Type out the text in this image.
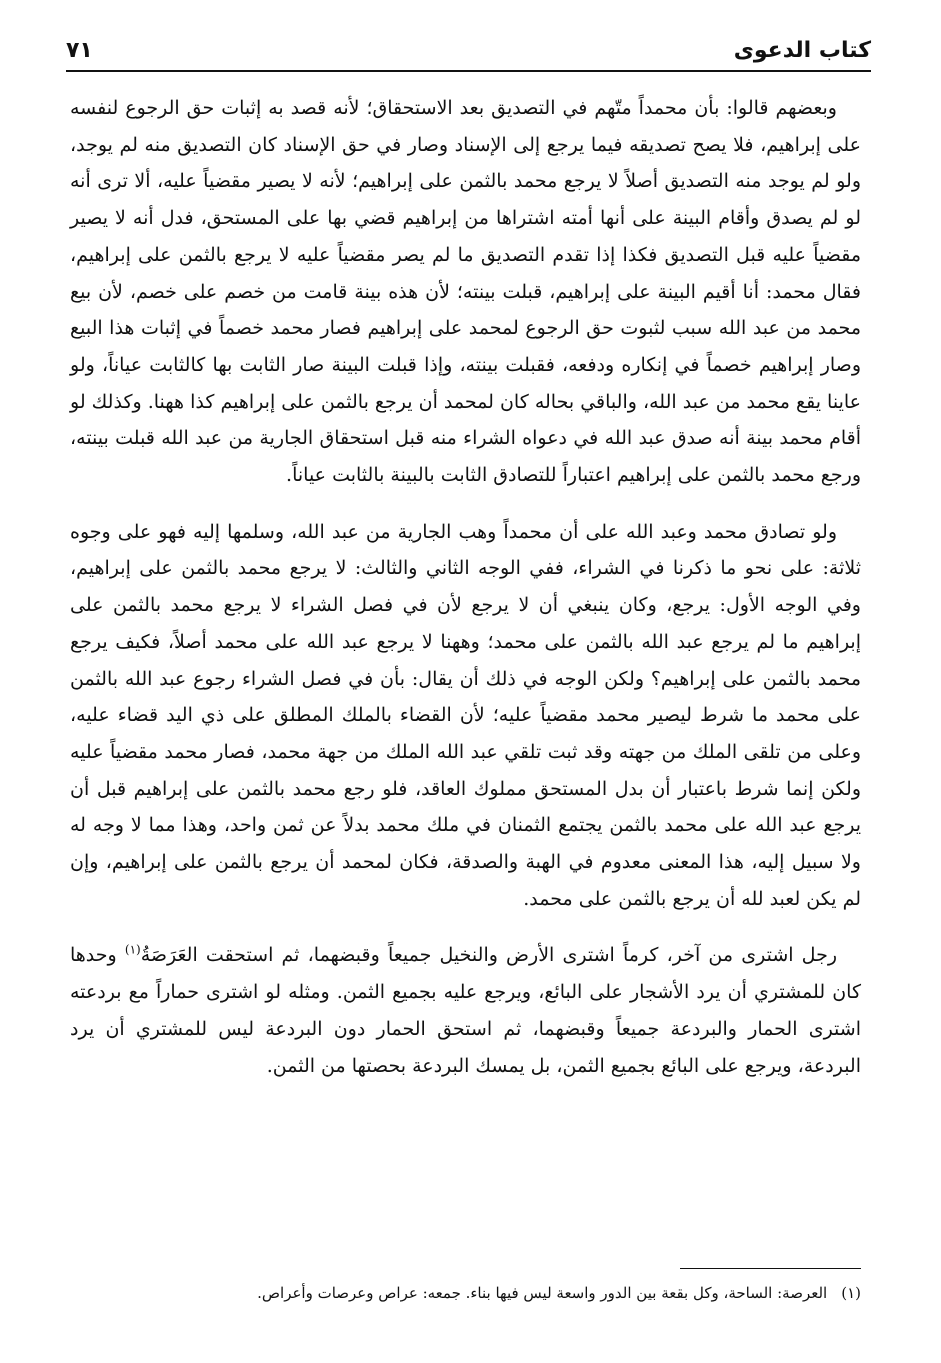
كتاب الدعوى
٧١

وبعضهم قالوا: بأن محمداً متّهم في التصديق بعد الاستحقاق؛ لأنه قصد به إثبات حق الرجوع لنفسه على إبراهيم، فلا يصح تصديقه فيما يرجع إلى الإسناد وصار في حق الإسناد كان التصديق منه لم يوجد، ولو لم يوجد منه التصديق أصلاً لا يرجع محمد بالثمن على إبراهيم؛ لأنه لا يصير مقضياً عليه، ألا ترى أنه لو لم يصدق وأقام البينة على أنها أمته اشتراها من إبراهيم قضي بها على المستحق، فدل أنه لا يصير مقضياً عليه قبل التصديق فكذا إذا تقدم التصديق ما لم يصر مقضياً عليه لا يرجع بالثمن على إبراهيم، فقال محمد: أنا أقيم البينة على إبراهيم، قبلت بينته؛ لأن هذه بينة قامت من خصم على خصم، لأن بيع محمد من عبد الله سبب لثبوت حق الرجوع لمحمد على إبراهيم فصار محمد خصماً في إثبات هذا البيع وصار إبراهيم خصماً في إنكاره ودفعه، فقبلت بينته، وإذا قبلت البينة صار الثابت بها كالثابت عياناً، ولو عاينا يقع محمد من عبد الله، والباقي بحاله كان لمحمد أن يرجع بالثمن على إبراهيم كذا ههنا. وكذلك لو أقام محمد بينة أنه صدق عبد الله في دعواه الشراء منه قبل استحقاق الجارية من عبد الله قبلت بينته، ورجع محمد بالثمن على إبراهيم اعتباراً للتصادق الثابت بالبينة بالثابت عياناً.

ولو تصادق محمد وعبد الله على أن محمداً وهب الجارية من عبد الله، وسلمها إليه فهو على وجوه ثلاثة: على نحو ما ذكرنا في الشراء، ففي الوجه الثاني والثالث: لا يرجع محمد بالثمن على إبراهيم، وفي الوجه الأول: يرجع، وكان ينبغي أن لا يرجع لأن في فصل الشراء لا يرجع محمد بالثمن على إبراهيم ما لم يرجع عبد الله بالثمن على محمد؛ وههنا لا يرجع عبد الله على محمد أصلاً، فكيف يرجع محمد بالثمن على إبراهيم؟ ولكن الوجه في ذلك أن يقال: بأن في فصل الشراء رجوع عبد الله بالثمن على محمد ما شرط ليصير محمد مقضياً عليه؛ لأن القضاء بالملك المطلق على ذي اليد قضاء عليه، وعلى من تلقى الملك من جهته وقد ثبت تلقي عبد الله الملك من جهة محمد، فصار محمد مقضياً عليه ولكن إنما شرط باعتبار أن بدل المستحق مملوك العاقد، فلو رجع محمد بالثمن على إبراهيم قبل أن يرجع عبد الله على محمد بالثمن يجتمع الثمنان في ملك محمد بدلاً عن ثمن واحد، وهذا مما لا وجه له ولا سبيل إليه، هذا المعنى معدوم في الهبة والصدقة، فكان لمحمد أن يرجع بالثمن على إبراهيم، وإن لم يكن لعبد لله أن يرجع بالثمن على محمد.

رجل اشترى من آخر، كرماً اشترى الأرض والنخيل جميعاً وقبضهما، ثم استحقت العَرَصَةُ$^{(١)}$ وحدها كان للمشتري أن يرد الأشجار على البائع، ويرجع عليه بجميع الثمن. ومثله لو اشترى حماراً مع بردعته اشترى الحمار والبردعة جميعاً وقبضهما، ثم استحق الحمار دون البردعة ليس للمشتري أن يرد البردعة، ويرجع على البائع بجميع الثمن، بل يمسك البردعة بحصتها من الثمن.

(١)
العرصة: الساحة، وكل بقعة بين الدور واسعة ليس فيها بناء. جمعه: عراص وعرصات وأعراص.
